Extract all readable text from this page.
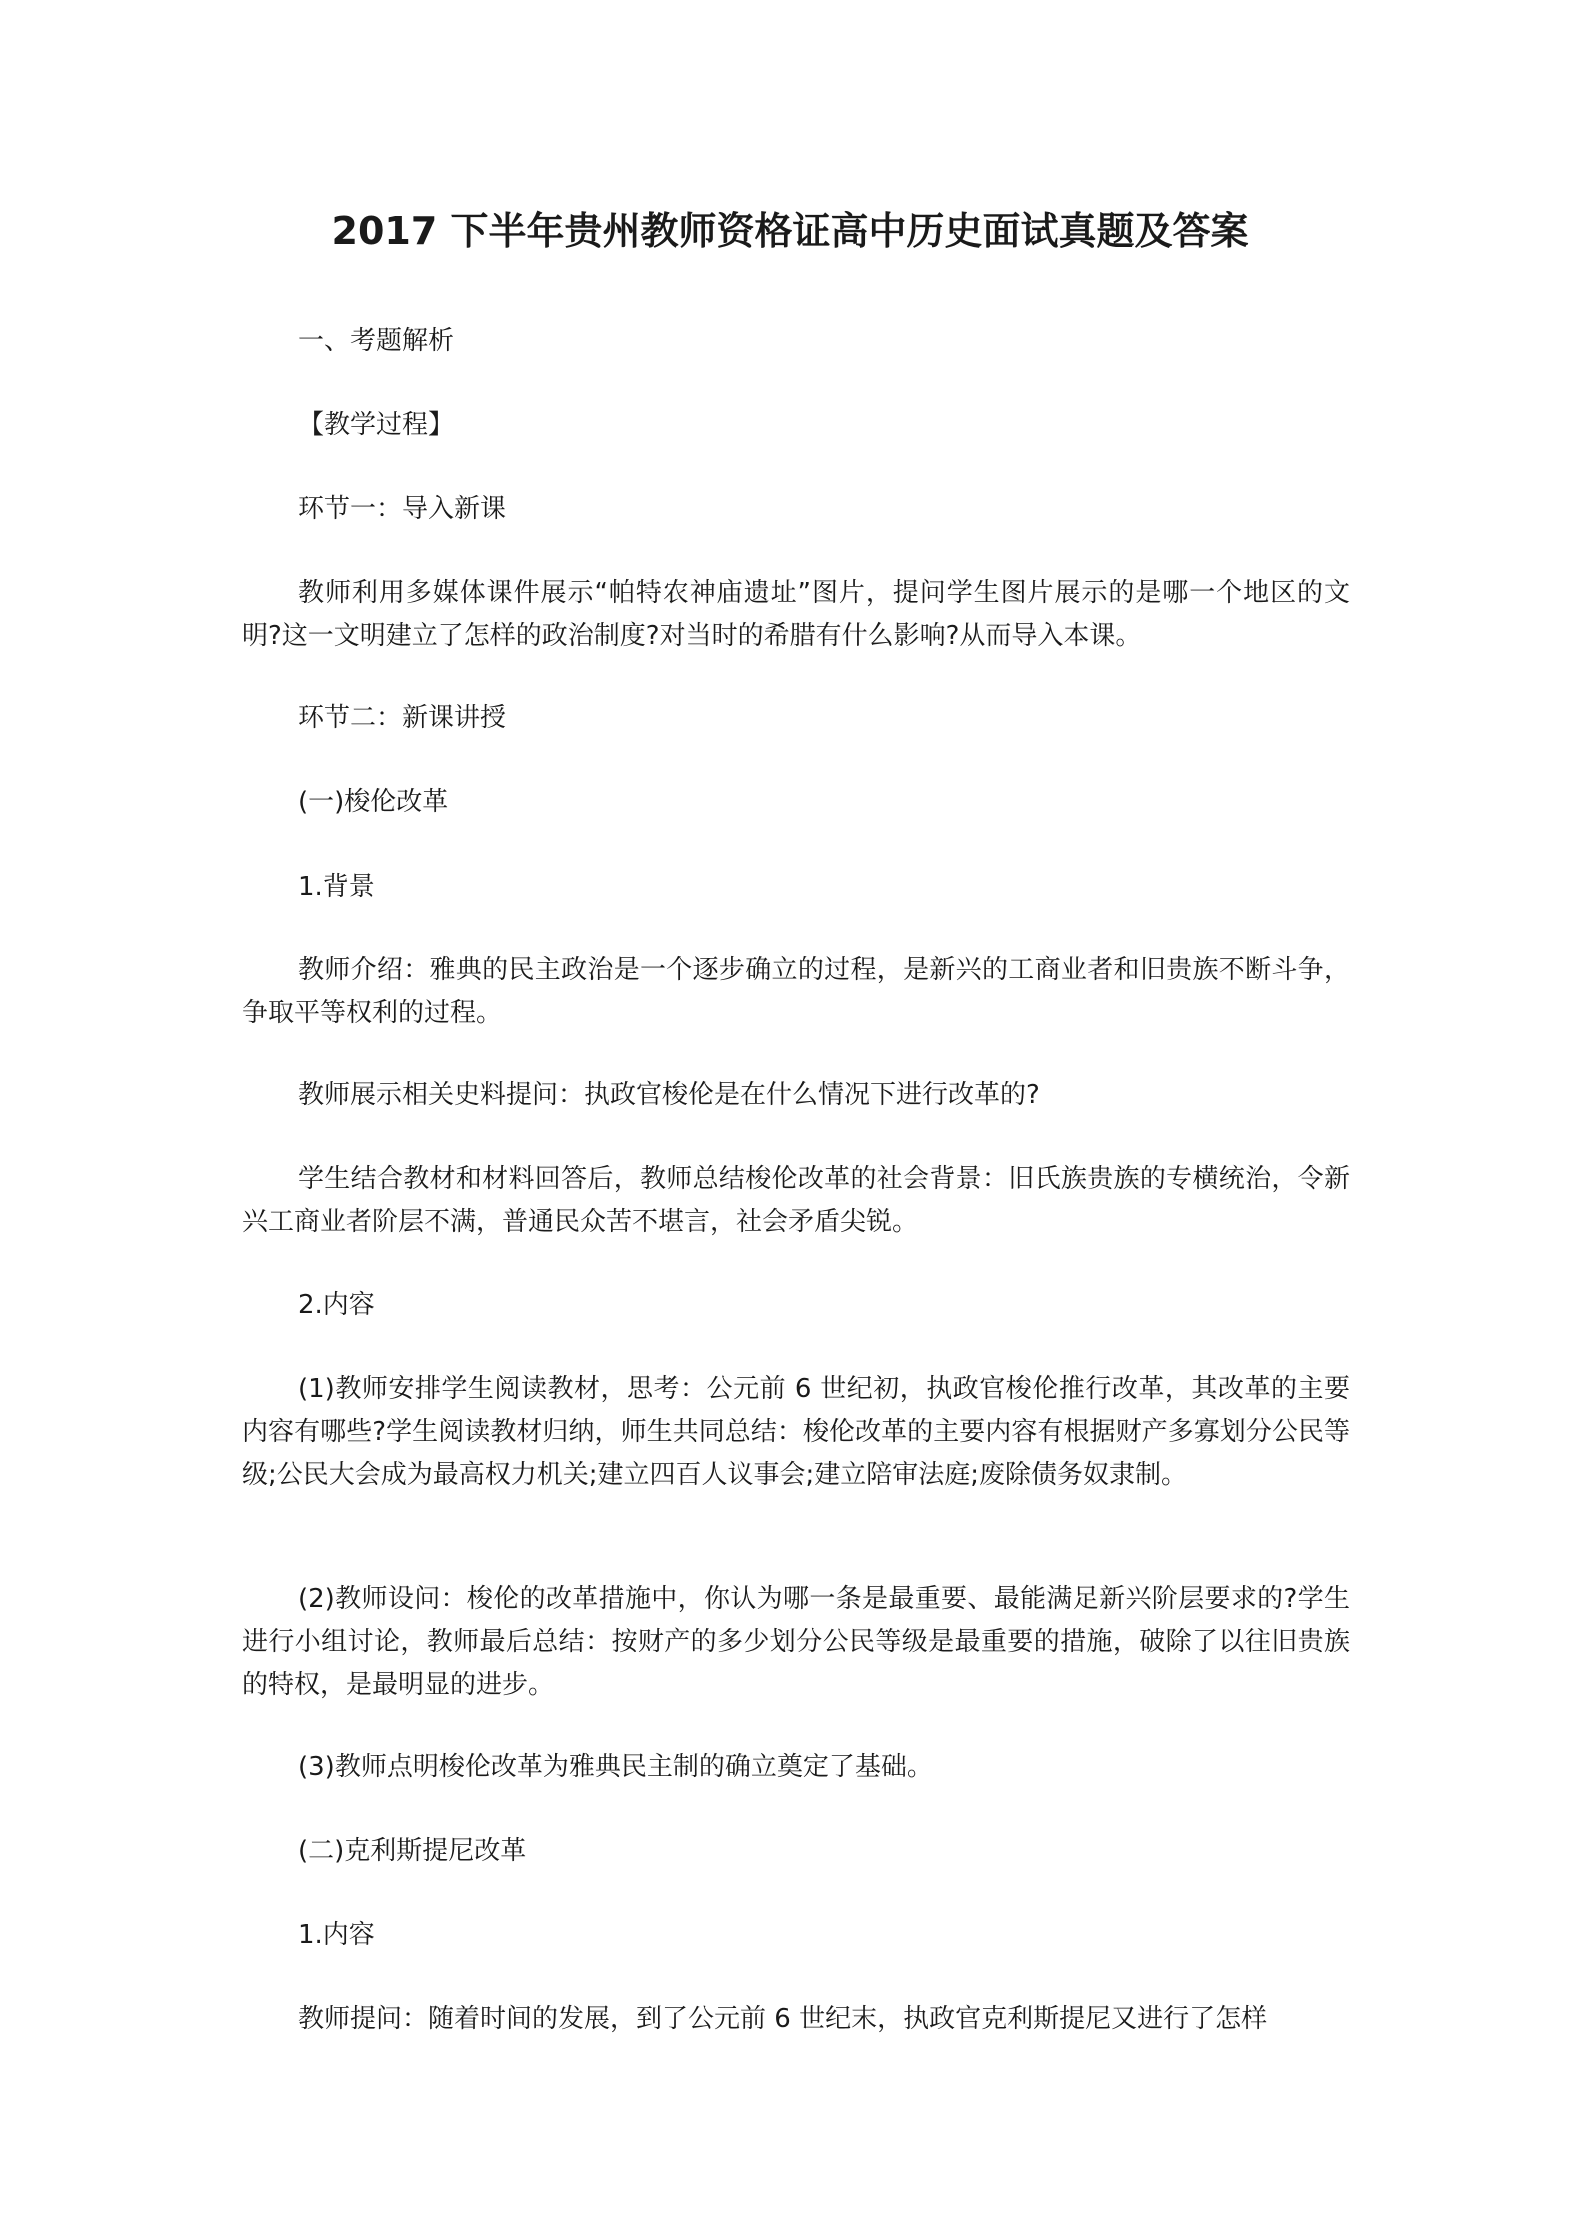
2017 下半年贵州教师资格证高中历史面试真题及答案

一、考题解析

【教学过程】

环节一：导入新课

教师利用多媒体课件展示“帕特农神庙遗址”图片，提问学生图片展示的是哪一个地区的文明?这一文明建立了怎样的政治制度?对当时的希腊有什么影响?从而导入本课。

环节二：新课讲授

(一)梭伦改革

1.背景

教师介绍：雅典的民主政治是一个逐步确立的过程，是新兴的工商业者和旧贵族不断斗争，争取平等权利的过程。

教师展示相关史料提问：执政官梭伦是在什么情况下进行改革的?

学生结合教材和材料回答后，教师总结梭伦改革的社会背景：旧氏族贵族的专横统治，令新兴工商业者阶层不满，普通民众苦不堪言，社会矛盾尖锐。

2.内容

(1)教师安排学生阅读教材，思考：公元前 6 世纪初，执政官梭伦推行改革，其改革的主要内容有哪些?学生阅读教材归纳，师生共同总结：梭伦改革的主要内容有根据财产多寡划分公民等级;公民大会成为最高权力机关;建立四百人议事会;建立陪审法庭;废除债务奴隶制。

(2)教师设问：梭伦的改革措施中，你认为哪一条是最重要、最能满足新兴阶层要求的?学生进行小组讨论，教师最后总结：按财产的多少划分公民等级是最重要的措施，破除了以往旧贵族的特权，是最明显的进步。

(3)教师点明梭伦改革为雅典民主制的确立奠定了基础。

(二)克利斯提尼改革

1.内容

教师提问：随着时间的发展，到了公元前 6 世纪末，执政官克利斯提尼又进行了怎样
